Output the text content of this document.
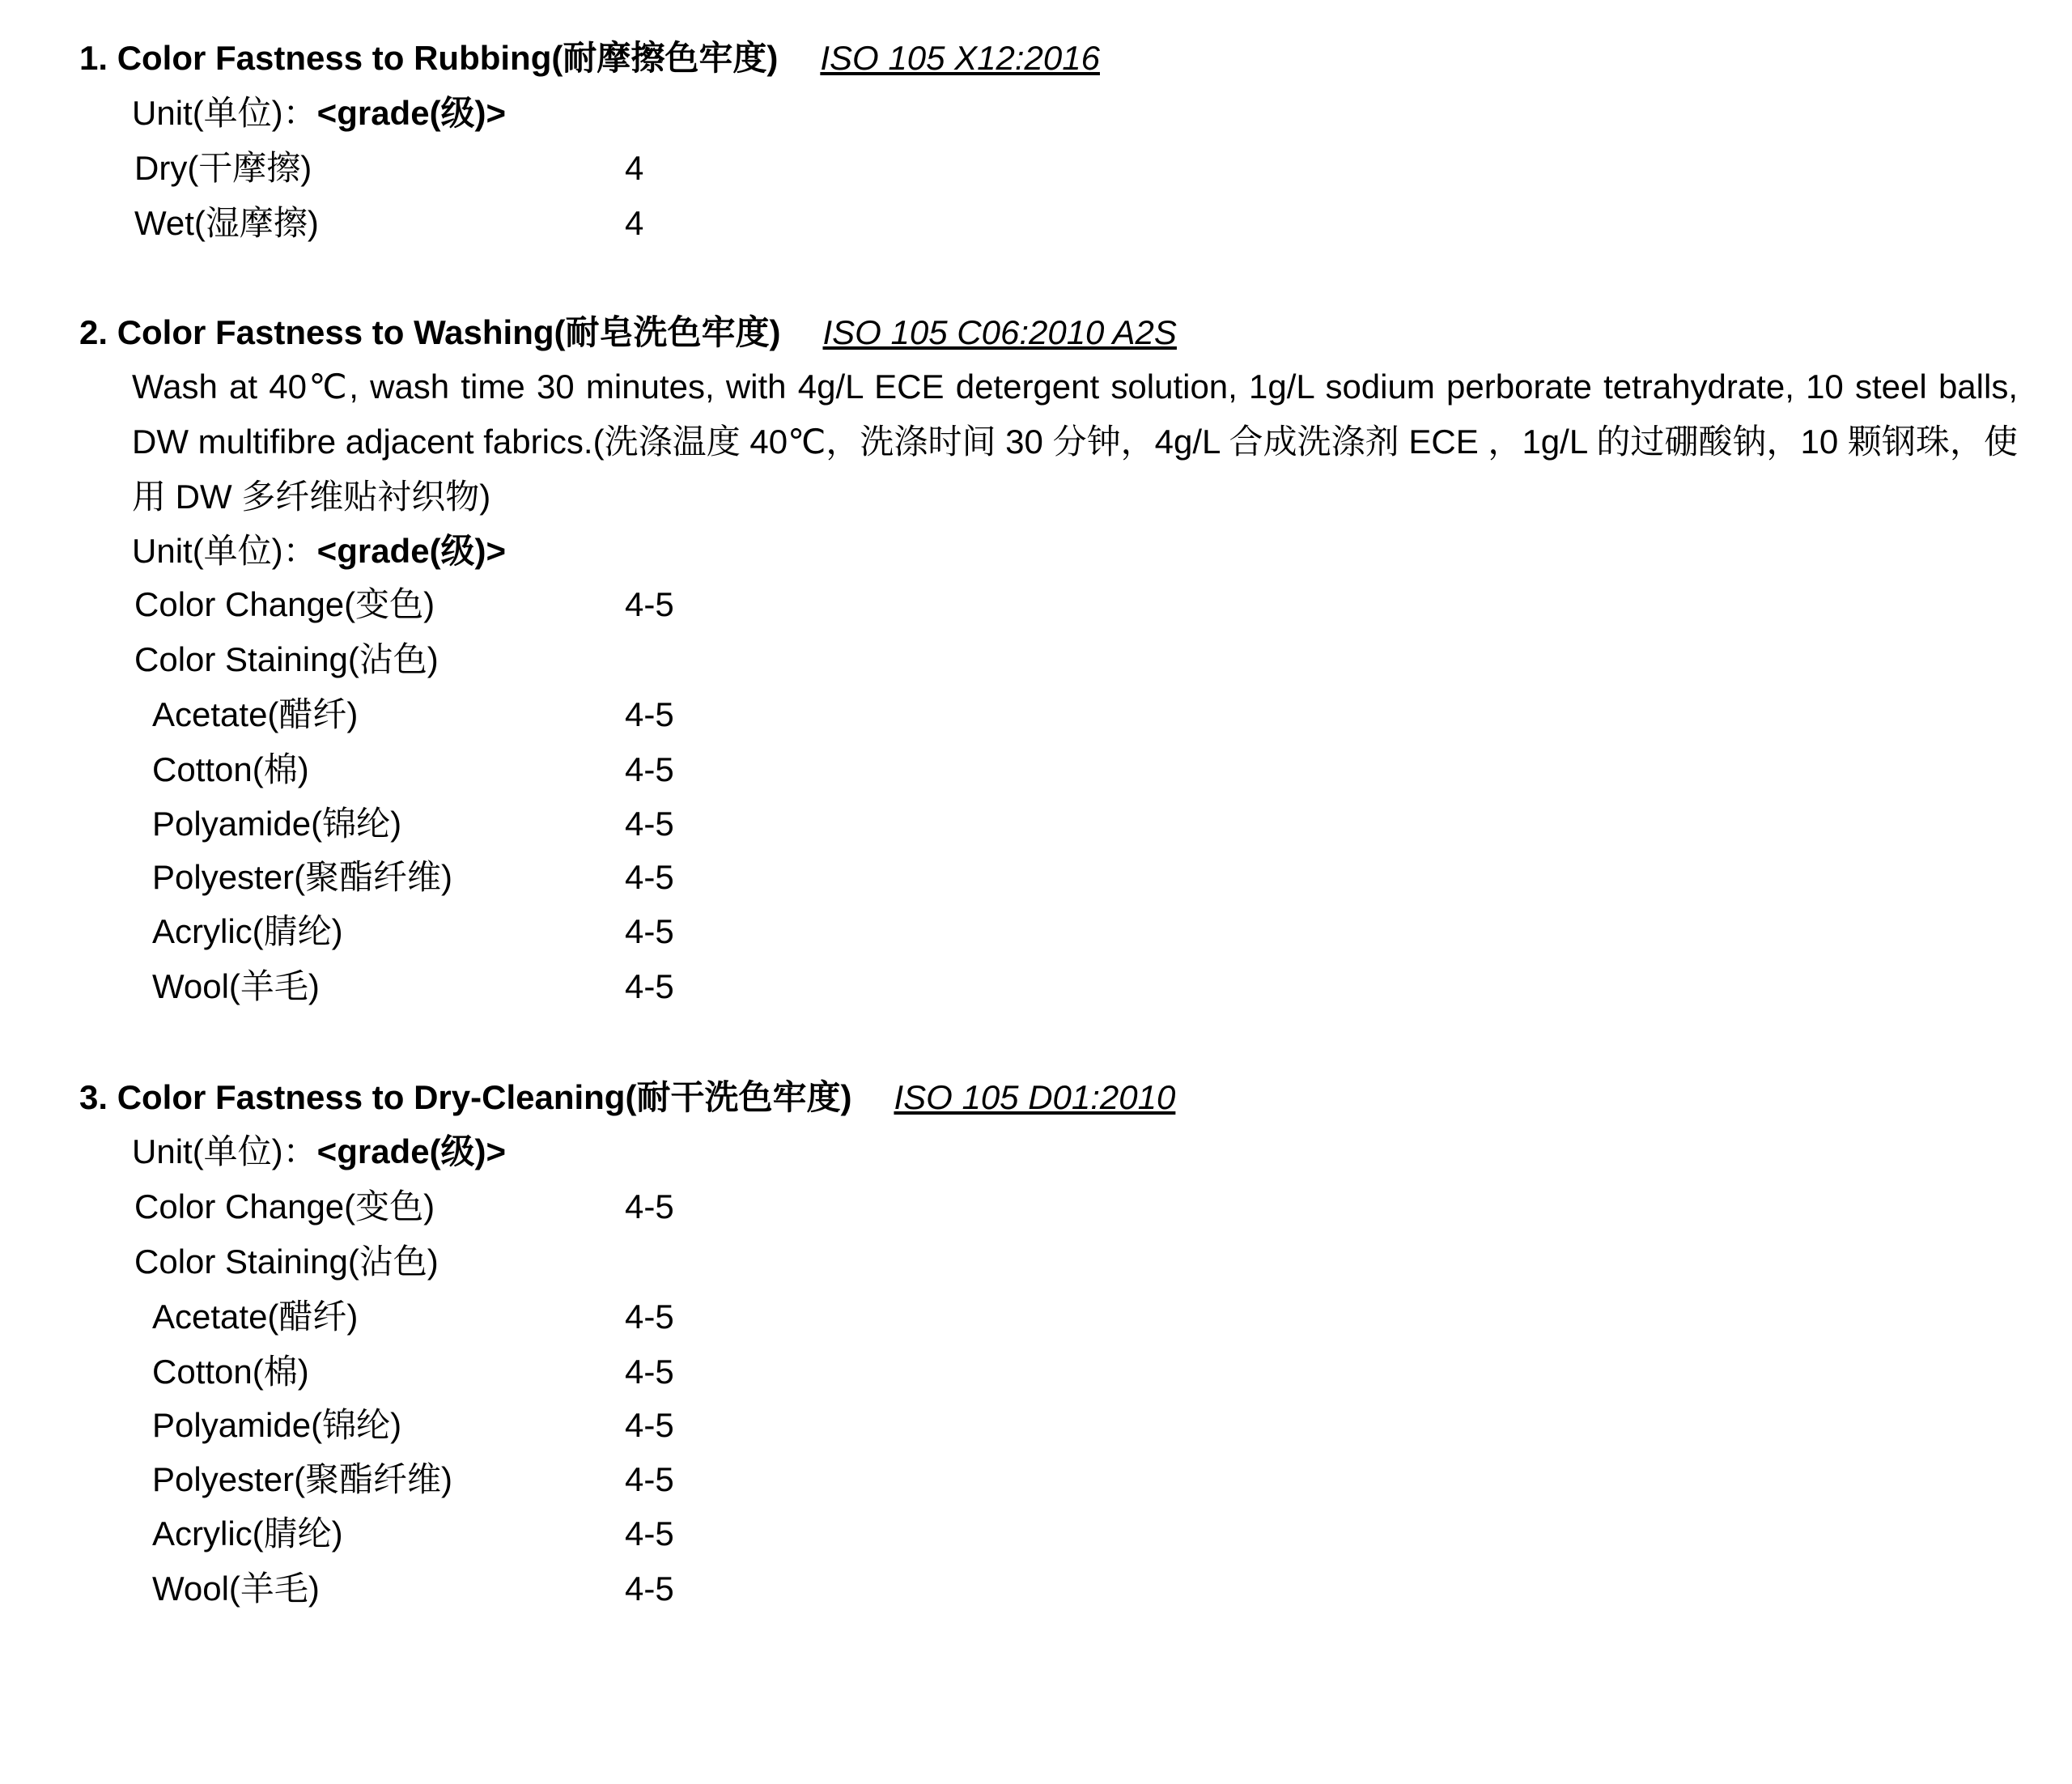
1. Color Fastness to Rubbing(耐摩擦色牢度) ISO 105 X12:2016
Unit(单位)：<grade(级)>
Dry(干摩擦)	4
Wet(湿摩擦)	4
2. Color Fastness to Washing(耐皂洗色牢度) ISO 105 C06:2010 A2S
Wash at 40℃, wash time 30 minutes, with 4g/L ECE detergent solution, 1g/L sodium perborate tetrahydrate, 10 steel balls, DW multifibre adjacent fabrics.(洗涤温度 40℃，洗涤时间 30 分钟，4g/L 合成洗涤剂 ECE ，1g/L 的过硼酸钠，10 颗钢珠，使用 DW 多纤维贴衬织物)
Unit(单位)：<grade(级)>
Color Change(变色)	4-5
Color Staining(沾色)
Acetate(醋纤)	4-5
Cotton(棉)	4-5
Polyamide(锦纶)	4-5
Polyester(聚酯纤维)	4-5
Acrylic(腈纶)	4-5
Wool(羊毛)	4-5
3. Color Fastness to Dry-Cleaning(耐干洗色牢度) ISO 105 D01:2010
Unit(单位)：<grade(级)>
Color Change(变色)	4-5
Color Staining(沾色)
Acetate(醋纤)	4-5
Cotton(棉)	4-5
Polyamide(锦纶)	4-5
Polyester(聚酯纤维)	4-5
Acrylic(腈纶)	4-5
Wool(羊毛)	4-5
